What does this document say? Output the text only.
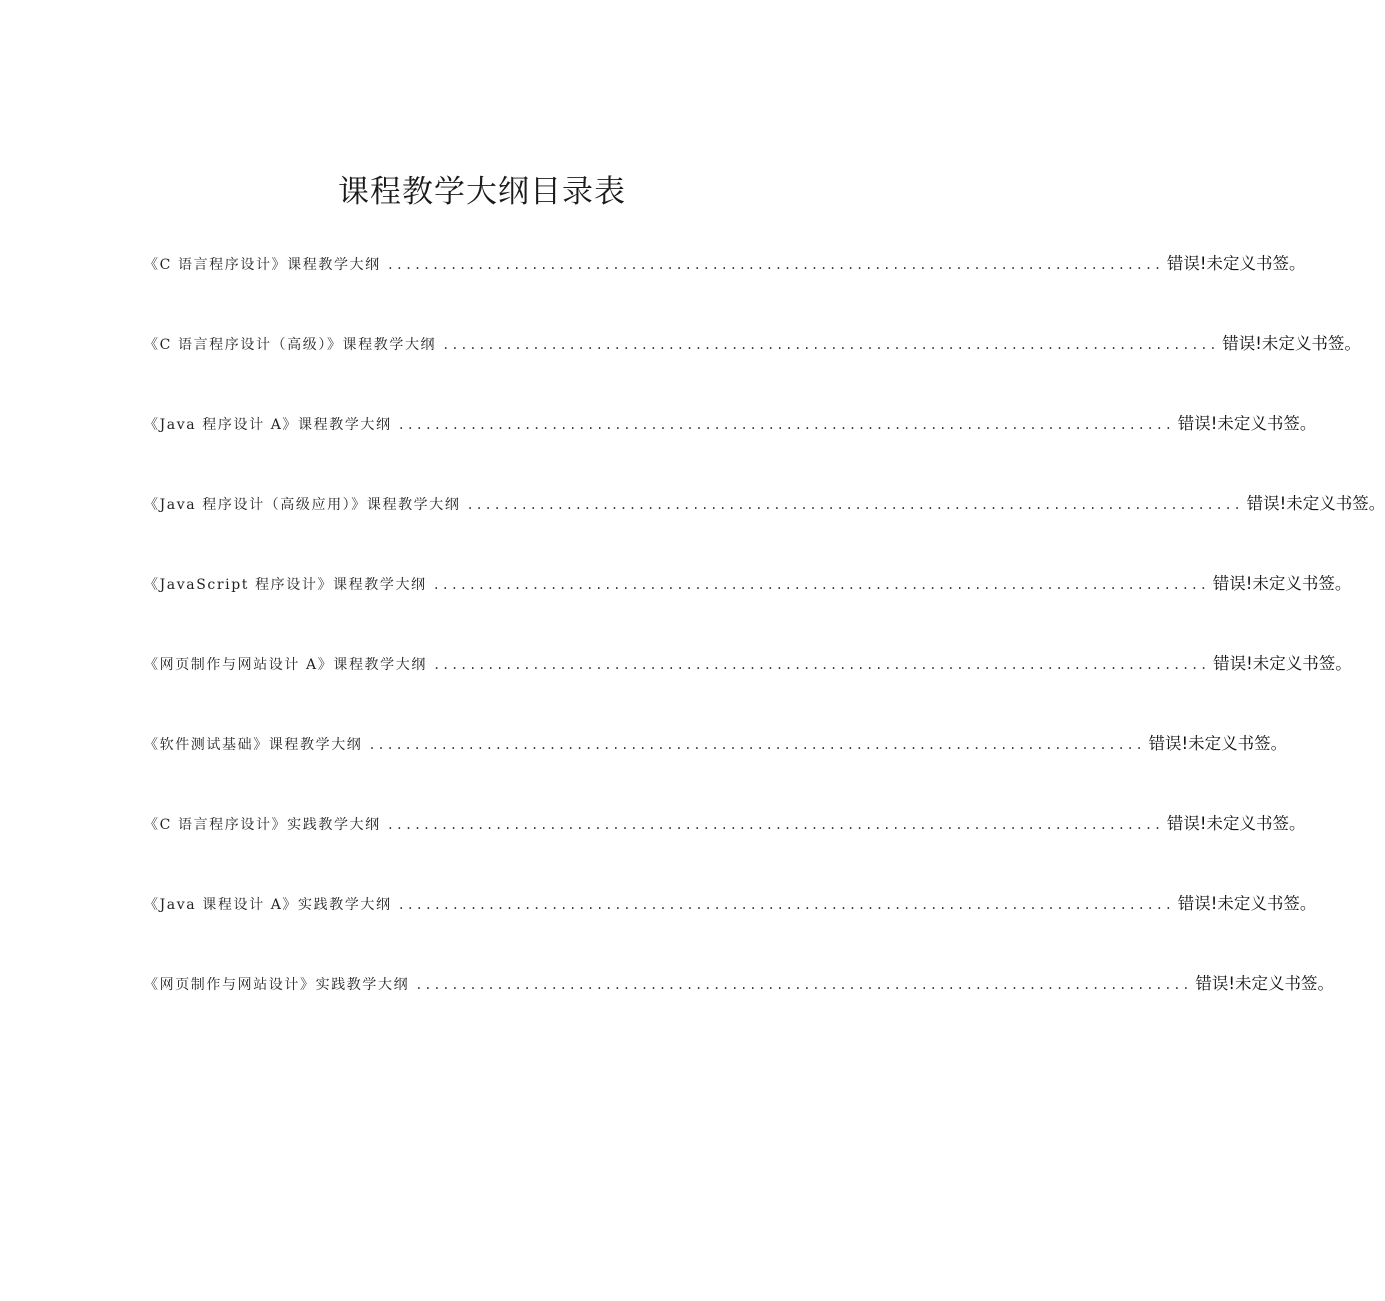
课程教学大纲目录表
《C 语言程序设计》课程教学大纲 ...................................................................................... 错误!未定义书签。
《C 语言程序设计（高级）》课程教学大纲 ...................................................................................... 错误!未定义书签。
《Java 程序设计 A》课程教学大纲 ...................................................................................... 错误!未定义书签。
《Java 程序设计（高级应用）》课程教学大纲 ...................................................................................... 错误!未定义书签。
《JavaScript 程序设计》课程教学大纲 ...................................................................................... 错误!未定义书签。
《网页制作与网站设计 A》课程教学大纲 ...................................................................................... 错误!未定义书签。
《软件测试基础》课程教学大纲 ...................................................................................... 错误!未定义书签。
《C 语言程序设计》实践教学大纲 ...................................................................................... 错误!未定义书签。
《Java 课程设计 A》实践教学大纲 ...................................................................................... 错误!未定义书签。
《网页制作与网站设计》实践教学大纲 ...................................................................................... 错误!未定义书签。
